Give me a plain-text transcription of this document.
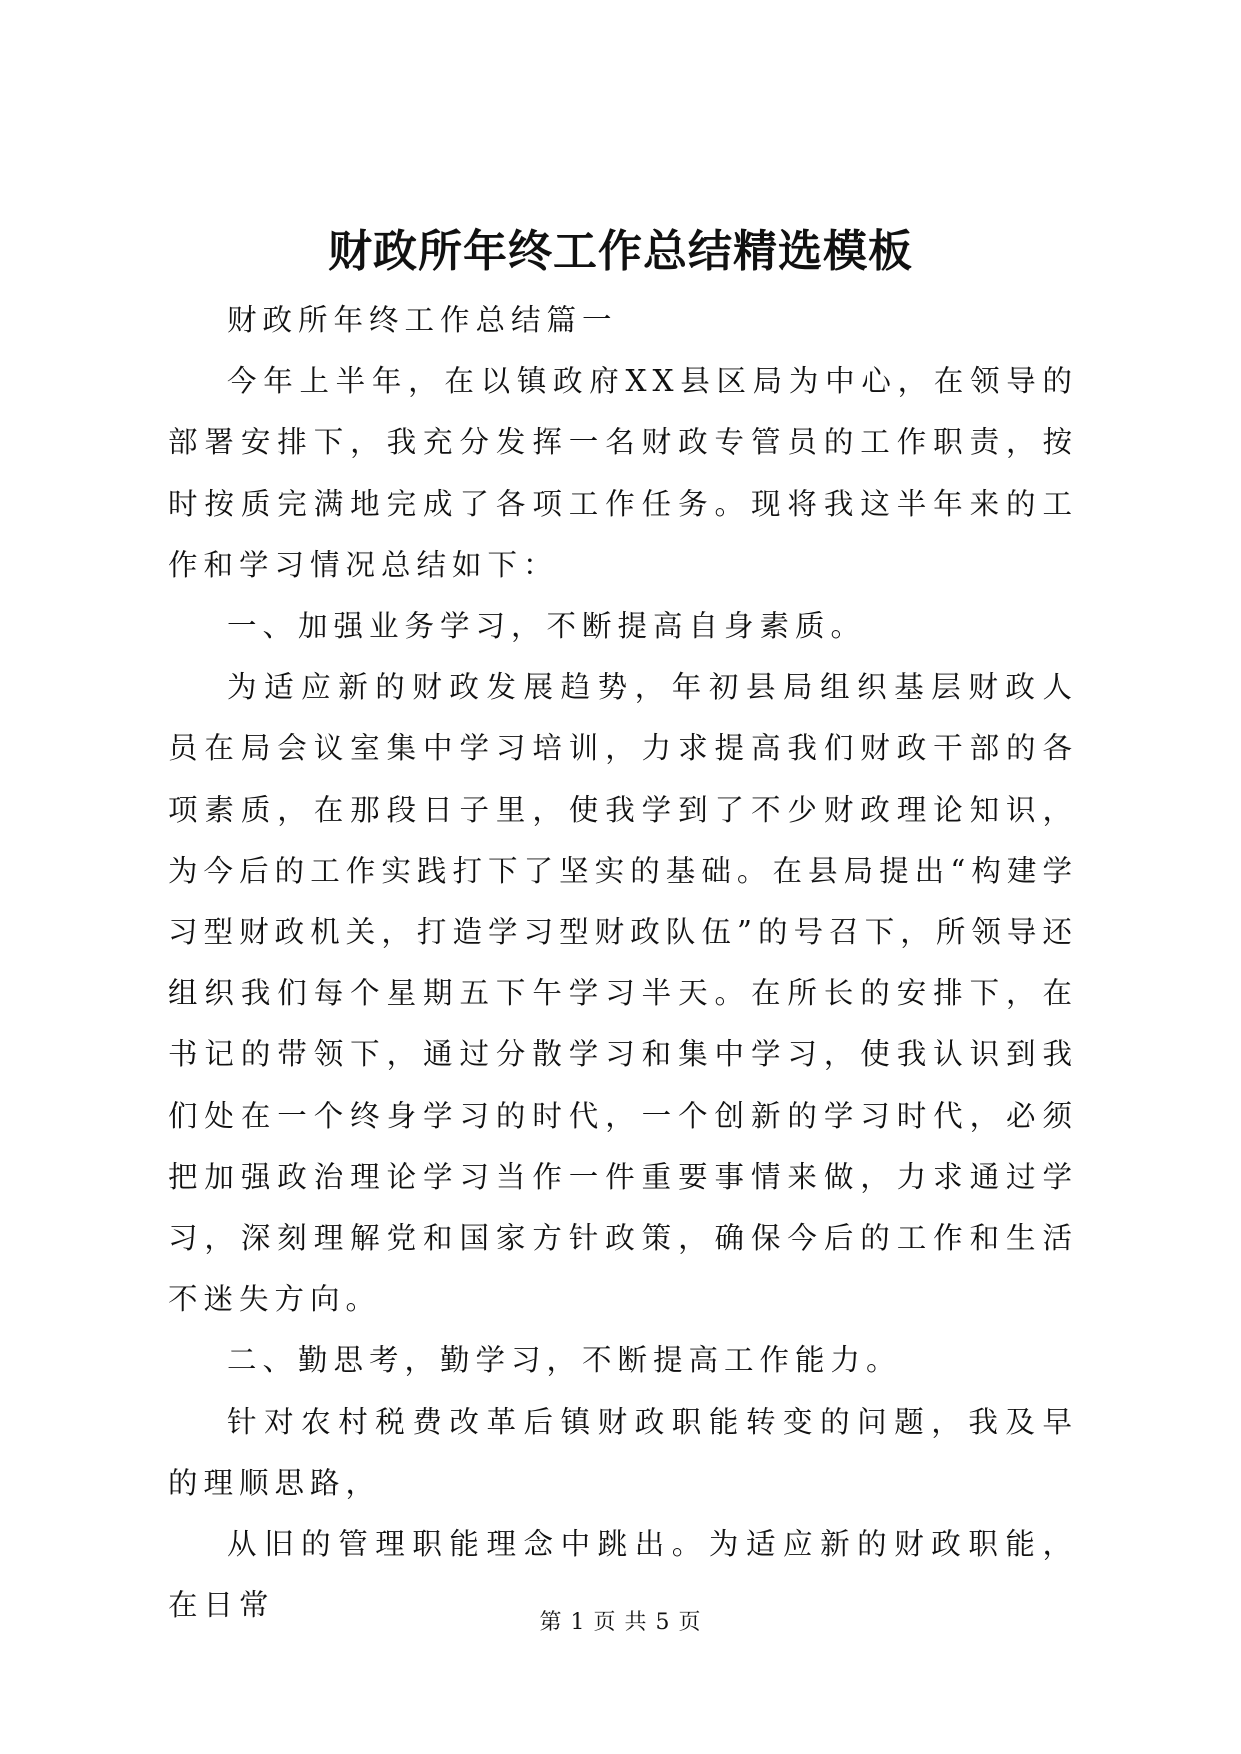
财政所年终工作总结精选模板

财政所年终工作总结篇一

今年上半年，在以镇政府XX县区局为中心，在领导的部署安排下，我充分发挥一名财政专管员的工作职责，按时按质完满地完成了各项工作任务。现将我这半年来的工作和学习情况总结如下：

一、加强业务学习，不断提高自身素质。

为适应新的财政发展趋势，年初县局组织基层财政人员在局会议室集中学习培训，力求提高我们财政干部的各项素质，在那段日子里，使我学到了不少财政理论知识，为今后的工作实践打下了坚实的基础。在县局提出“构建学习型财政机关，打造学习型财政队伍”的号召下，所领导还组织我们每个星期五下午学习半天。在所长的安排下，在书记的带领下，通过分散学习和集中学习，使我认识到我们处在一个终身学习的时代，一个创新的学习时代，必须把加强政治理论学习当作一件重要事情来做，力求通过学习，深刻理解党和国家方针政策，确保今后的工作和生活不迷失方向。

二、勤思考，勤学习，不断提高工作能力。

针对农村税费改革后镇财政职能转变的问题，我及早的理顺思路，

从旧的管理职能理念中跳出。为适应新的财政职能，在日常

第 1 页 共 5 页
